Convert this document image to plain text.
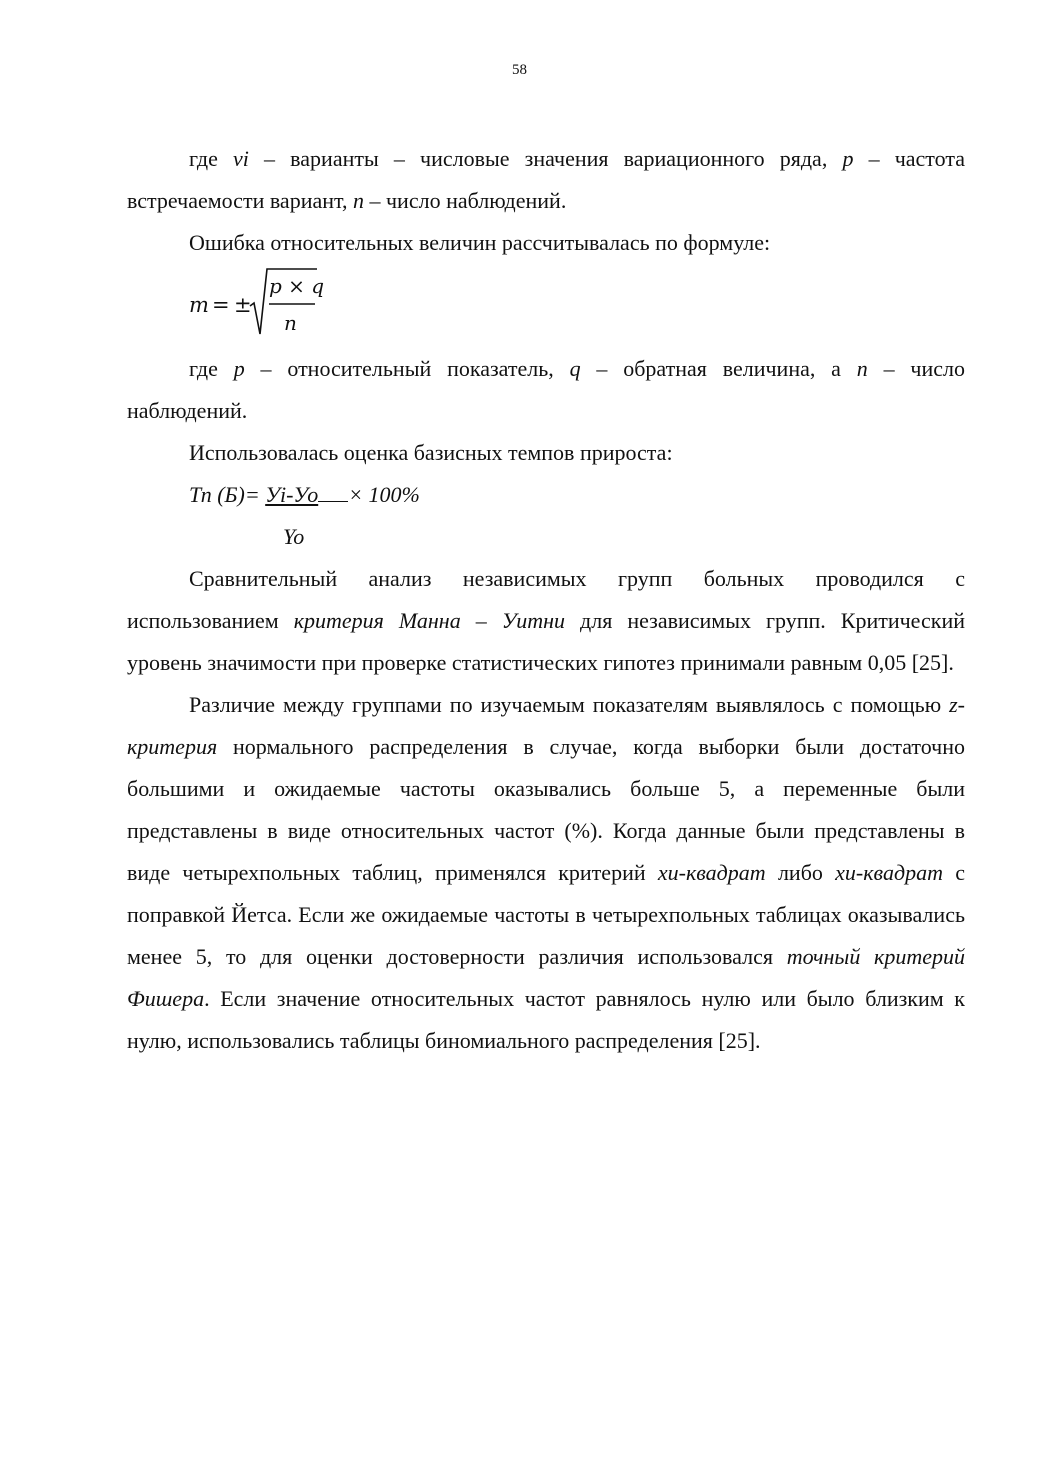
58

где vi – варианты – числовые значения вариационного ряда, p – частота встречаемости вариант, n – число наблюдений.

Ошибка относительных величин рассчитывалась по формуле:

m = ±
p × q
n

где p – относительный показатель, q – обратная величина, а n – число наблюдений.

Использовалась оценка базисных темпов прироста:

Тп (Б)= Уi-Уо × 100%

Yo

Сравнительный анализ независимых групп больных проводился с использованием критерия Манна – Уитни для независимых групп. Критический уровень значимости при проверке статистических гипотез принимали равным 0,05 [25].

Различие между группами по изучаемым показателям выявлялось с помощью z-критерия нормального распределения в случае, когда выборки были достаточно большими и ожидаемые частоты оказывались больше 5, а переменные были представлены в виде относительных частот (%). Когда данные были представлены в виде четырехпольных таблиц, применялся критерий хи-квадрат либо хи-квадрат с поправкой Йетса. Если же ожидаемые частоты в четырехпольных таблицах оказывались менее 5, то для оценки достоверности различия использовался точный критерий Фишера. Если значение относительных частот равнялось нулю или было близким к нулю, использовались таблицы биномиального распределения [25].
